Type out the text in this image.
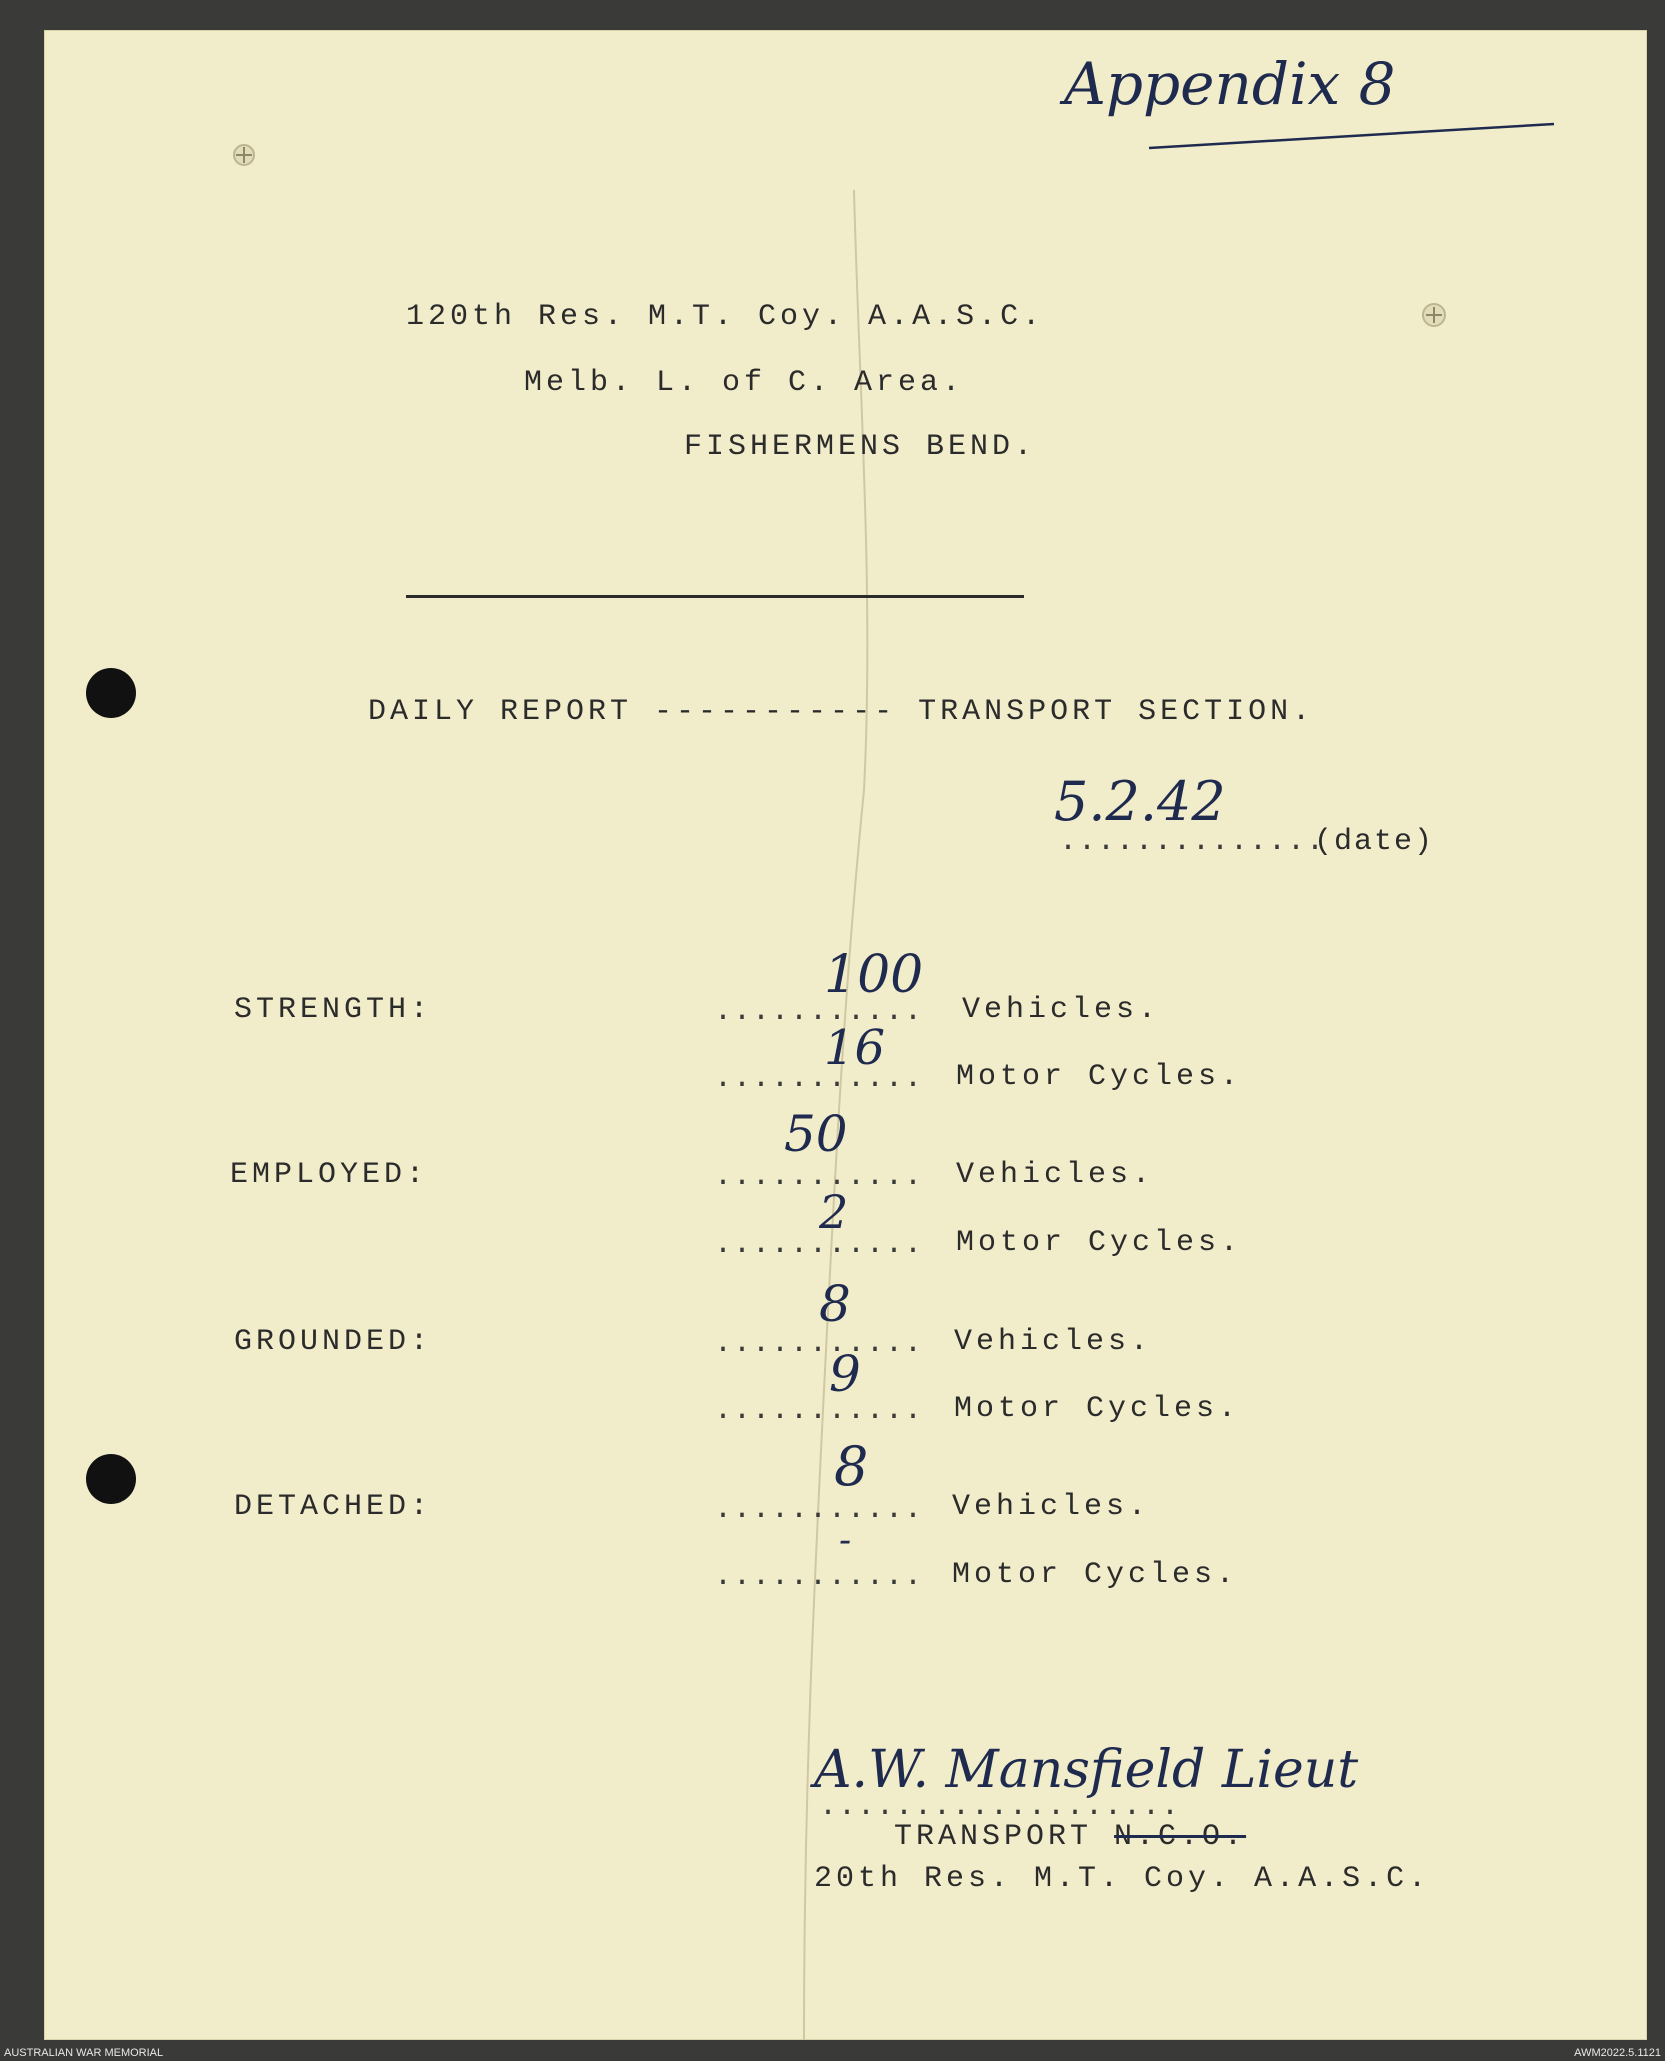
Appendix 8
120th Res. M.T. Coy. A.A.S.C.
Melb. L. of C. Area.
FISHERMENS BEND.
DAILY REPORT ----------- TRANSPORT SECTION.
5.2.42
..............
(date)
STRENGTH:
100
........... Vehicles.
16
........... Motor Cycles.
EMPLOYED:
50
........... Vehicles.
2
........... Motor Cycles.
GROUNDED:
8
........... Vehicles.
9
........... Motor Cycles.
DETACHED:
8
........... Vehicles.
-
........... Motor Cycles.
A.W. Mansfield Lieut
...................
TRANSPORT N.C.O.
20th Res. M.T. Coy. A.A.S.C.
AUSTRALIAN WAR MEMORIAL	AWM2022.5.1121
